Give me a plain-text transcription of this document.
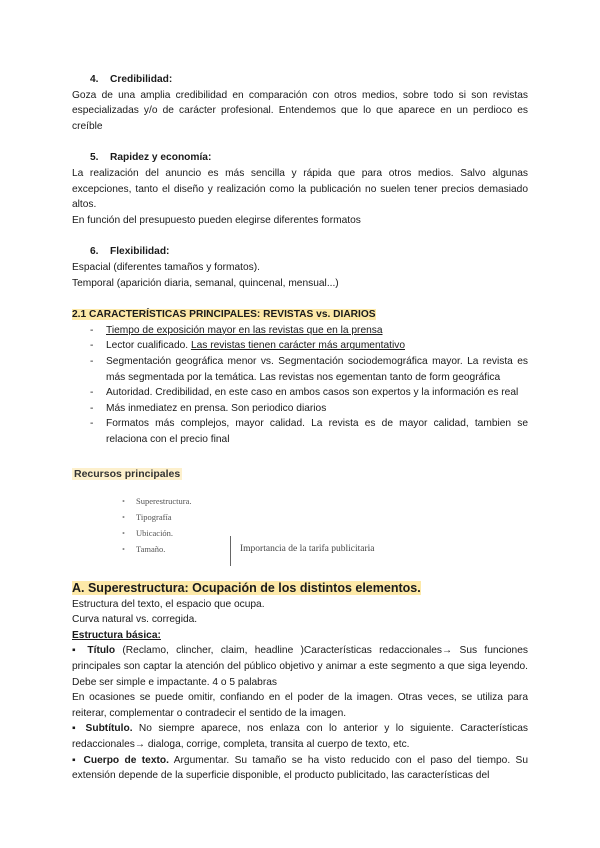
4. Credibilidad:

Goza de una amplia credibilidad en comparación con otros medios, sobre todo si son revistas especializadas y/o de carácter profesional. Entendemos que lo que aparece en un perdioco es creíble

5. Rapidez y economía:

La realización del anuncio es más sencilla y rápida que para otros medios. Salvo algunas excepciones, tanto el diseño y realización como la publicación no suelen tener precios demasiado altos.

En función del presupuesto pueden elegirse diferentes formatos

6. Flexibilidad:

Espacial (diferentes tamaños y formatos).

Temporal (aparición diaria, semanal, quincenal, mensual...)

2.1 CARACTERÍSTICAS PRINCIPALES: REVISTAS vs. DIARIOS

- Tiempo de exposición mayor en las revistas que en la prensa
- Lector cualificado. Las revistas tienen carácter más argumentativo
- Segmentación geográfica menor vs. Segmentación sociodemográfica mayor. La revista es más segmentada por la temática. Las revistas nos egementan tanto de form geográfica
- Autoridad. Credibilidad, en este caso en ambos casos son expertos y la información es real
- Más inmediatez en prensa. Son periodico diarios
- Formatos más complejos, mayor calidad. La revista es de mayor calidad, tambien se relaciona con el precio final

Recursos principales

• Superestructura.
• Tipografía
• Ubicación.
• Tamaño.	Importancia de la tarifa publicitaria

A. Superestructura: Ocupación de los distintos elementos.

Estructura del texto, el espacio que ocupa.

Curva natural vs. corregida.

Estructura básica:

▪ Título (Reclamo, clincher, claim, headline )Características redaccionales→ Sus funciones principales son captar la atención del público objetivo y animar a este segmento a que siga leyendo. Debe ser simple e impactante. 4 o 5 palabras

En ocasiones se puede omitir, confiando en el poder de la imagen. Otras veces, se utiliza para reiterar, complementar o contradecir el sentido de la imagen.

▪ Subtítulo. No siempre aparece, nos enlaza con lo anterior y lo siguiente. Características redaccionales→ dialoga, corrige, completa, transita al cuerpo de texto, etc.

▪ Cuerpo de texto. Argumentar. Su tamaño se ha visto reducido con el paso del tiempo. Su extensión depende de la superficie disponible, el producto publicitado, las características del
